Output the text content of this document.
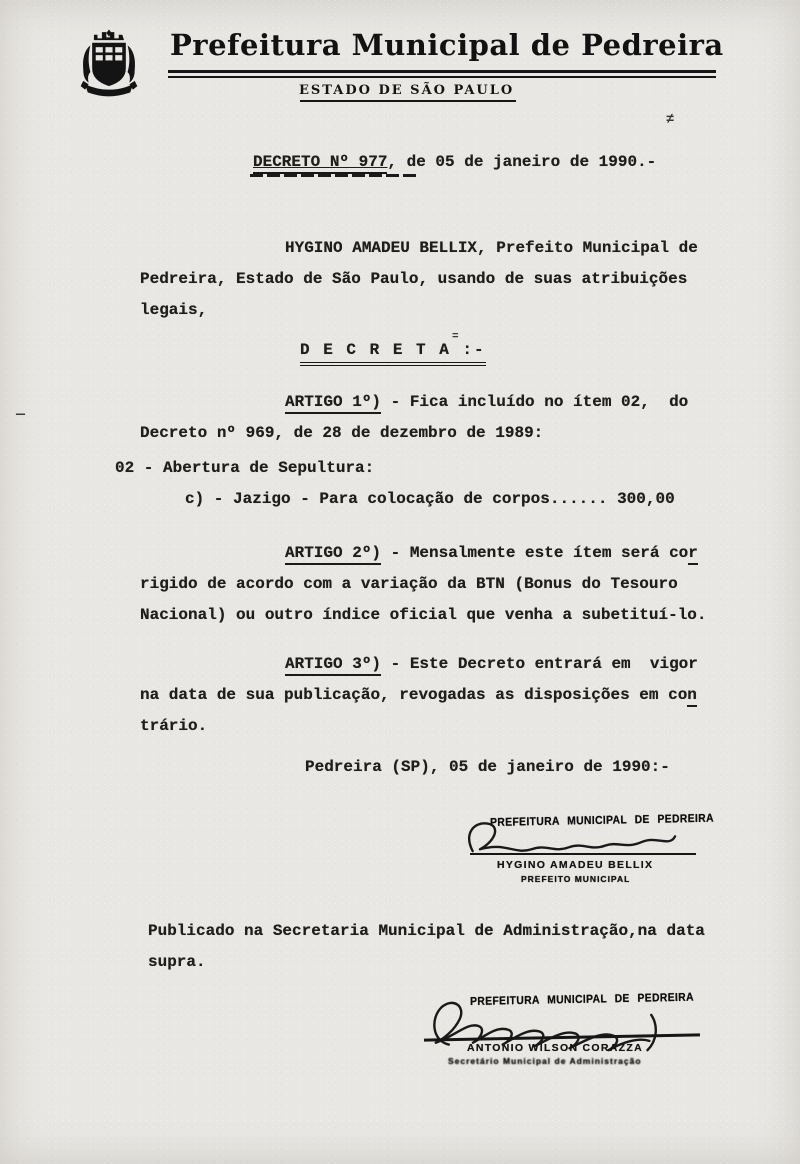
Prefeitura Municipal de Pedreira
ESTADO DE SÃO PAULO
≠
=
—
DECRETO Nº 977, de 05 de janeiro de 1990.-
HYGINO AMADEU BELLIX, Prefeito Municipal de
Pedreira, Estado de São Paulo, usando de suas atribuições
legais,
D E C R E T A :-
ARTIGO 1º) - Fica incluído no ítem 02,  do
Decreto nº 969, de 28 de dezembro de 1989:
02 - Abertura de Sepultura:
c) - Jazigo - Para colocação de corpos...... 300,00
ARTIGO 2º) - Mensalmente este ítem será cor
rigido de acordo com a variação da BTN (Bonus do Tesouro
Nacional) ou outro índice oficial que venha a subetituí-lo.
ARTIGO 3º) - Este Decreto entrará em  vigor
na data de sua publicação, revogadas as disposições em con
trário.
Pedreira (SP), 05 de janeiro de 1990:-
PREFEITURA MUNICIPAL DE PEDREIRA
HYGINO AMADEU BELLIX
PREFEITO MUNICIPAL
Publicado na Secretaria Municipal de Administração,na data
supra.
PREFEITURA MUNICIPAL DE PEDREIRA
ANTONIO WILSON CORAZZA
Secretário Municipal de Administração
